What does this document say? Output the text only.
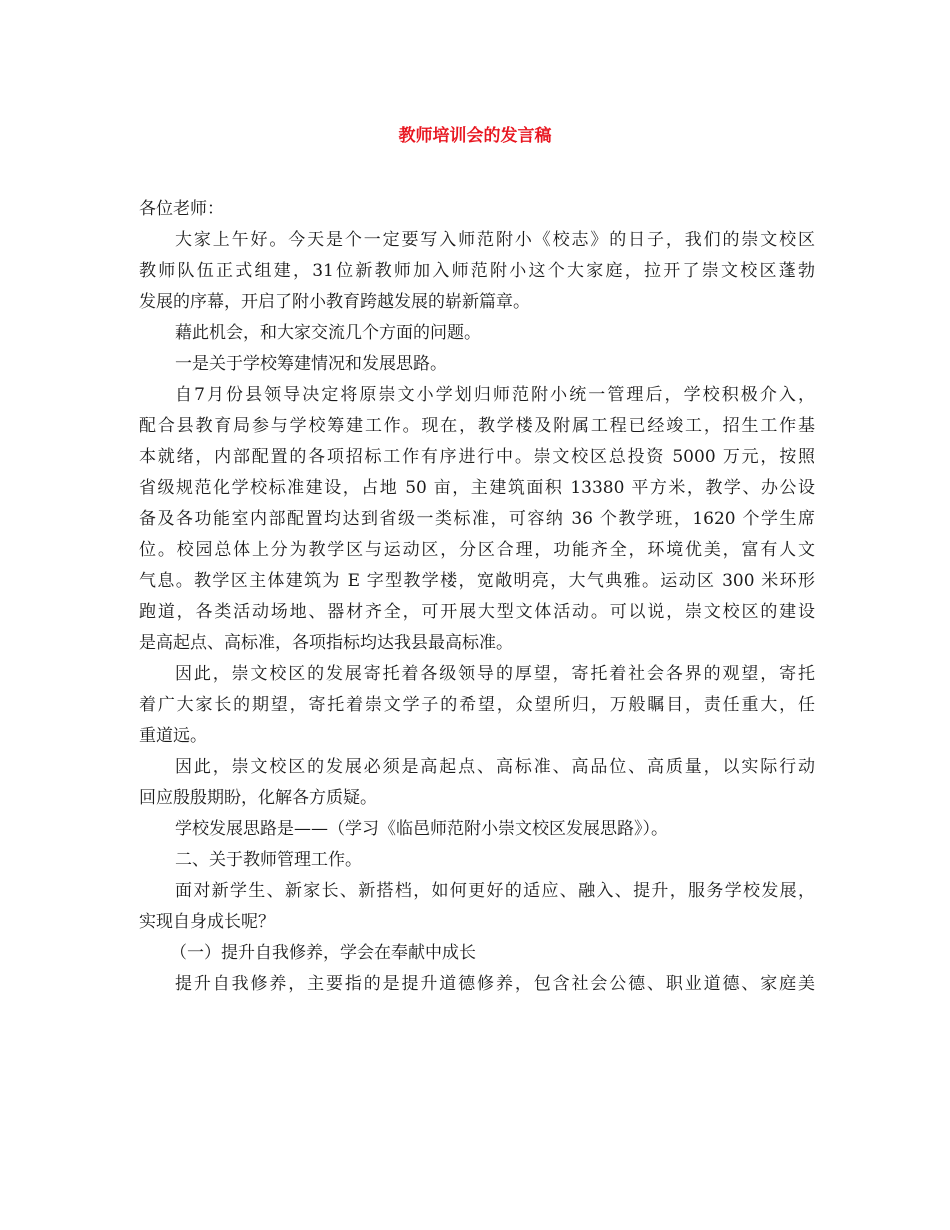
教师培训会的发言稿
各位老师：
大家上午好。今天是个一定要写入师范附小《校志》的日子，我们的崇文校区
教师队伍正式组建，31位新教师加入师范附小这个大家庭，拉开了崇文校区蓬勃
发展的序幕，开启了附小教育跨越发展的崭新篇章。
藉此机会，和大家交流几个方面的问题。
一是关于学校筹建情况和发展思路。
自7月份县领导决定将原崇文小学划归师范附小统一管理后，学校积极介入，
配合县教育局参与学校筹建工作。现在，教学楼及附属工程已经竣工，招生工作基
本就绪，内部配置的各项招标工作有序进行中。崇文校区总投资 5000 万元，按照
省级规范化学校标准建设，占地 50 亩，主建筑面积 13380 平方米，教学、办公设
备及各功能室内部配置均达到省级一类标准，可容纳 36 个教学班，1620 个学生席
位。校园总体上分为教学区与运动区，分区合理，功能齐全，环境优美，富有人文
气息。教学区主体建筑为 E 字型教学楼，宽敞明亮，大气典雅。运动区 300 米环形
跑道，各类活动场地、器材齐全，可开展大型文体活动。可以说，崇文校区的建设
是高起点、高标准，各项指标均达我县最高标准。
因此，崇文校区的发展寄托着各级领导的厚望，寄托着社会各界的观望，寄托
着广大家长的期望，寄托着崇文学子的希望，众望所归，万般瞩目，责任重大，任
重道远。
因此，崇文校区的发展必须是高起点、高标准、高品位、高质量，以实际行动
回应殷殷期盼，化解各方质疑。
学校发展思路是——（学习《临邑师范附小崇文校区发展思路》）。
二、关于教师管理工作。
面对新学生、新家长、新搭档，如何更好的适应、融入、提升，服务学校发展，
实现自身成长呢？
（一）提升自我修养，学会在奉献中成长
提升自我修养，主要指的是提升道德修养，包含社会公德、职业道德、家庭美
